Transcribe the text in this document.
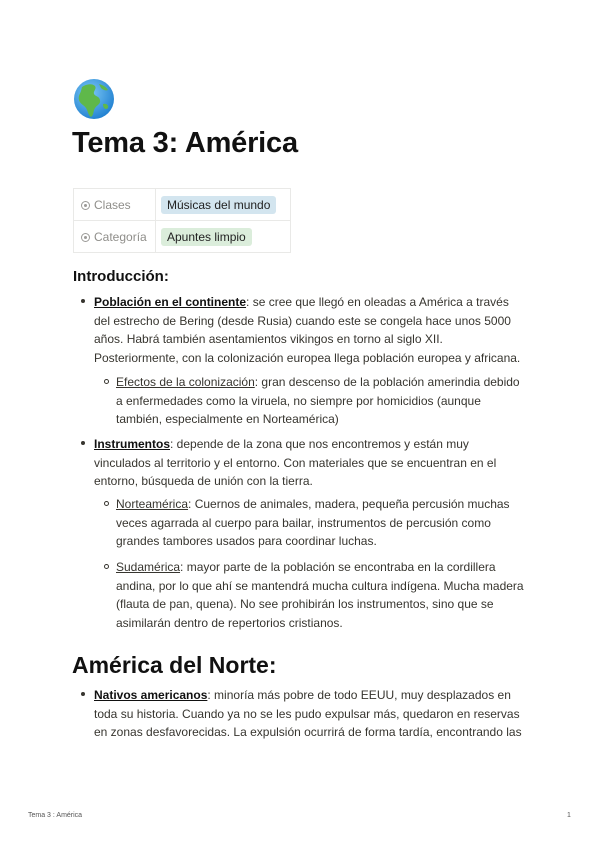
Tema 3: América
Clases	Músicas del mundo
Categoría	Apuntes limpio
Introducción:
Población en el continente: se cree que llegó en oleadas a América a través
del estrecho de Bering (desde Rusia) cuando este se congela hace unos 5000
años. Habrá también asentamientos vikingos en torno al siglo XII.
Posteriormente, con la colonización europea llega población europea y africana.
Efectos de la colonización: gran descenso de la población amerindia debido
a enfermedades como la viruela, no siempre por homicidios (aunque
también, especialmente en Norteamérica)
Instrumentos: depende de la zona que nos encontremos y están muy
vinculados al territorio y el entorno. Con materiales que se encuentran en el
entorno, búsqueda de unión con la tierra.
Norteamérica: Cuernos de animales, madera, pequeña percusión muchas
veces agarrada al cuerpo para bailar, instrumentos de percusión como
grandes tambores usados para coordinar luchas.
Sudamérica: mayor parte de la población se encontraba en la cordillera
andina, por lo que ahí se mantendrá mucha cultura indígena. Mucha madera
(flauta de pan, quena). No see prohibirán los instrumentos, sino que se
asimilarán dentro de repertorios cristianos.
América del Norte:
Nativos americanos: minoría más pobre de todo EEUU, muy desplazados en
toda su historia. Cuando ya no se les pudo expulsar más, quedaron en reservas
en zonas desfavorecidas. La expulsión ocurrirá de forma tardía, encontrando las
Tema 3 : América	1
